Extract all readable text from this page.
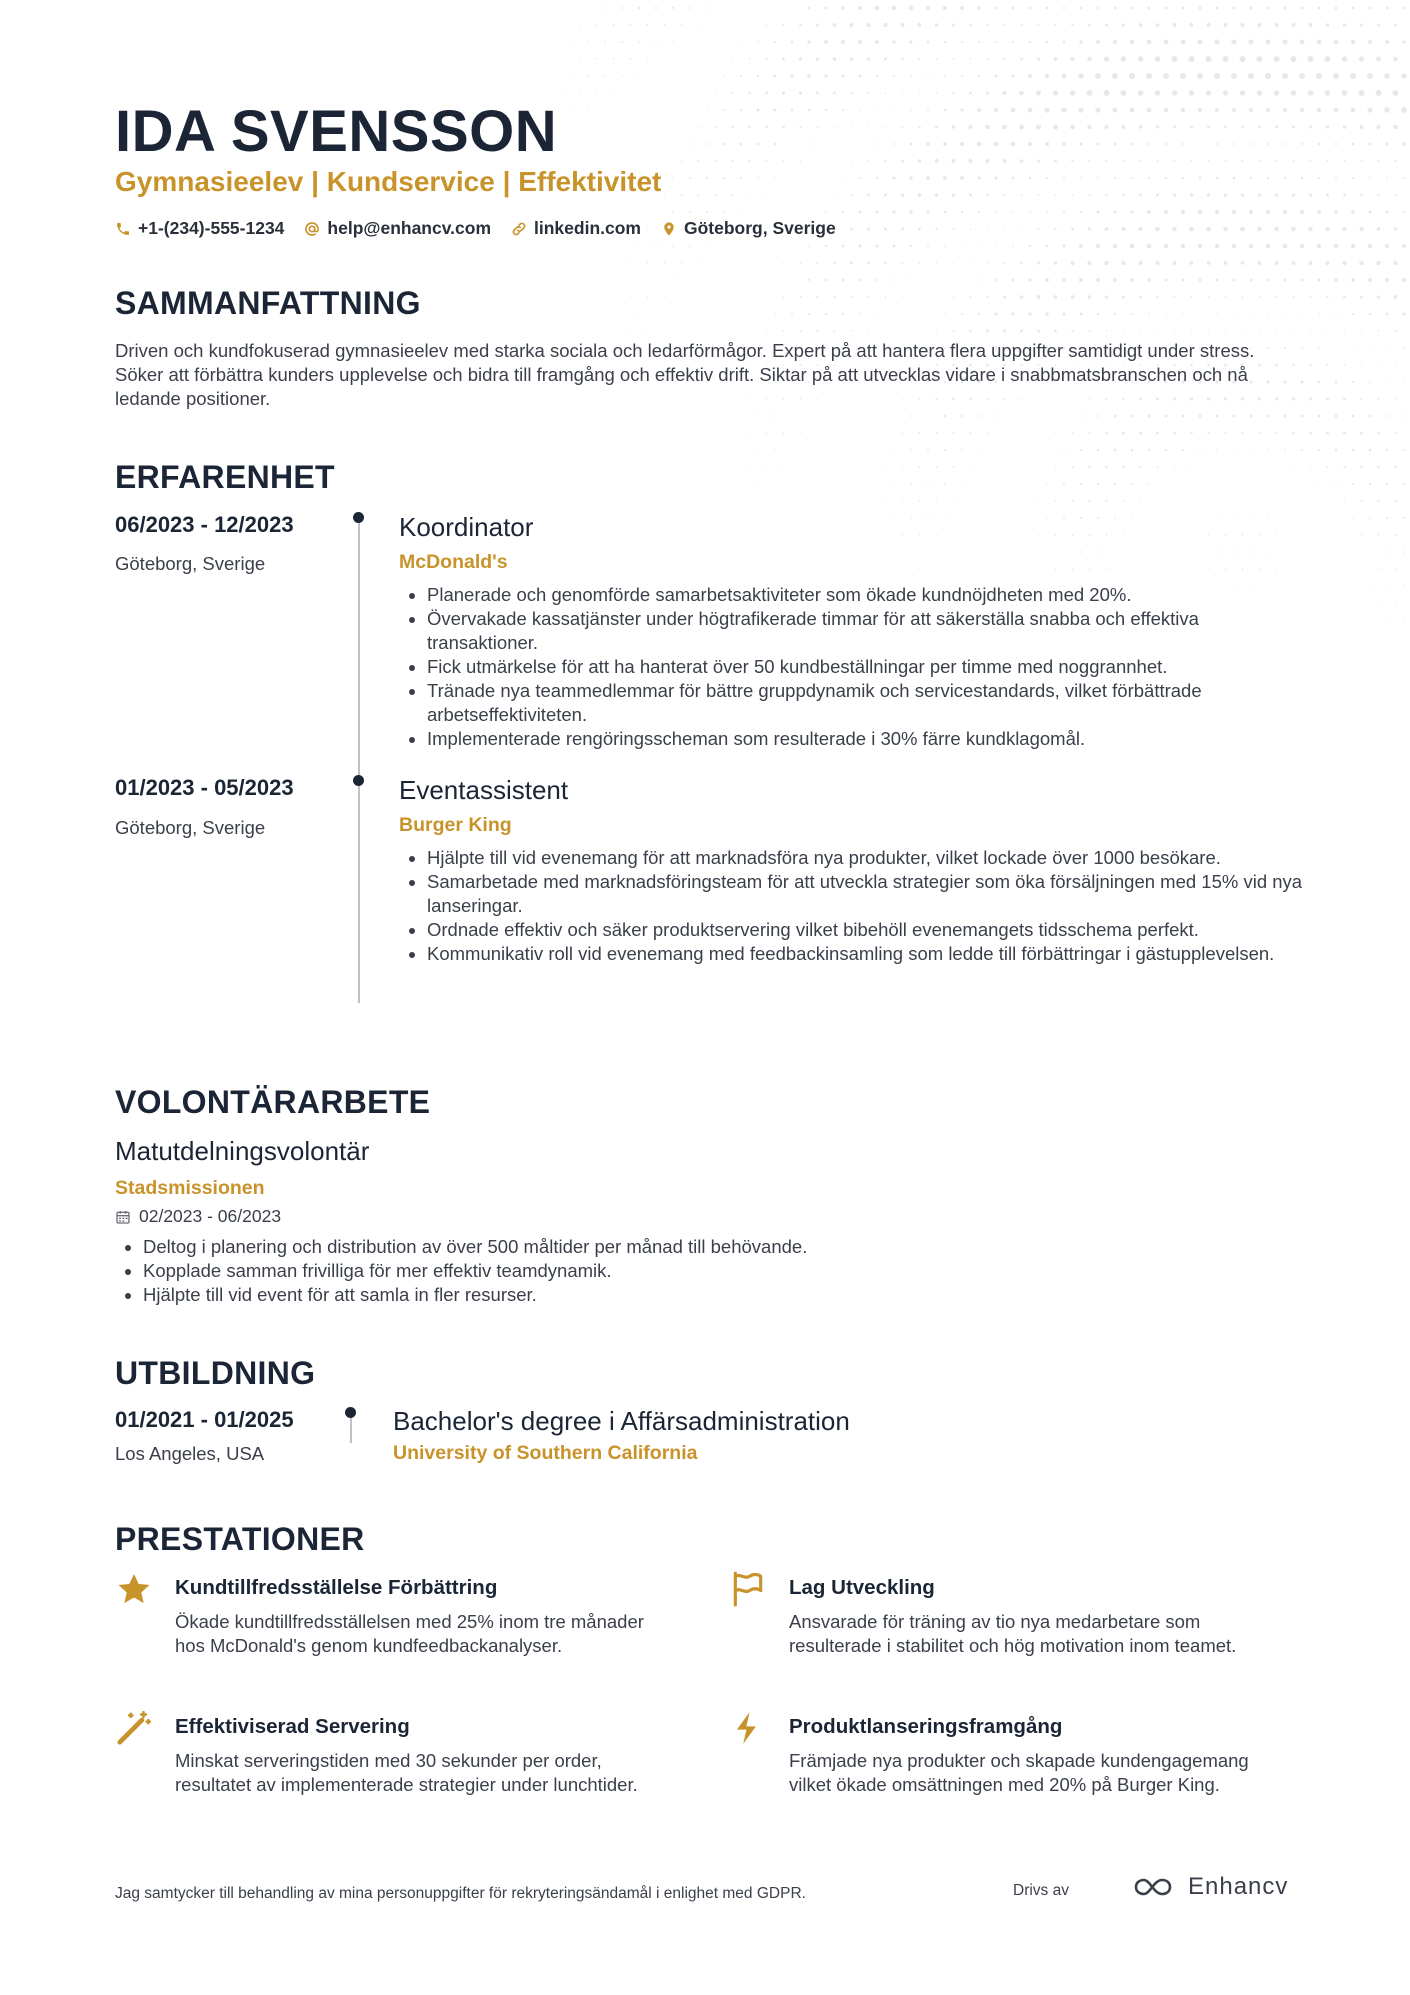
IDA SVENSSON
Gymnasieelev | Kundservice | Effektivitet
+1-(234)-555-1234 help@enhancv.com linkedin.com Göteborg, Sverige
SAMMANFATTNING
Driven och kundfokuserad gymnasieelev med starka sociala och ledarförmågor. Expert på att hantera flera uppgifter samtidigt under stress. Söker att förbättra kunders upplevelse och bidra till framgång och effektiv drift. Siktar på att utvecklas vidare i snabbmatsbranschen och nå ledande positioner.
ERFARENHET
06/2023 - 12/2023
Göteborg, Sverige
Koordinator
McDonald's
• Planerade och genomförde samarbetsaktiviteter som ökade kundnöjdheten med 20%.
• Övervakade kassatjänster under högtrafikerade timmar för att säkerställa snabba och effektiva transaktioner.
• Fick utmärkelse för att ha hanterat över 50 kundbeställningar per timme med noggrannhet.
• Tränade nya teammedlemmar för bättre gruppdynamik och servicestandards, vilket förbättrade arbetseffektiviteten.
• Implementerade rengöringsscheman som resulterade i 30% färre kundklagomål.
01/2023 - 05/2023
Göteborg, Sverige
Eventassistent
Burger King
• Hjälpte till vid evenemang för att marknadsföra nya produkter, vilket lockade över 1000 besökare.
• Samarbetade med marknadsföringsteam för att utveckla strategier som öka försäljningen med 15% vid nya lanseringar.
• Ordnade effektiv och säker produktservering vilket bibehöll evenemangets tidsschema perfekt.
• Kommunikativ roll vid evenemang med feedbackinsamling som ledde till förbättringar i gästupplevelsen.
VOLONTÄRARBETE
Matutdelningsvolontär
Stadsmissionen
02/2023 - 06/2023
• Deltog i planering och distribution av över 500 måltider per månad till behövande.
• Kopplade samman frivilliga för mer effektiv teamdynamik.
• Hjälpte till vid event för att samla in fler resurser.
UTBILDNING
01/2021 - 01/2025
Los Angeles, USA
Bachelor's degree i Affärsadministration
University of Southern California
PRESTATIONER
Kundtillfredsställelse Förbättring
Ökade kundtillfredsställelsen med 25% inom tre månader hos McDonald's genom kundfeedbackanalyser.
Lag Utveckling
Ansvarade för träning av tio nya medarbetare som resulterade i stabilitet och hög motivation inom teamet.
Effektiviserad Servering
Minskat serveringstiden med 30 sekunder per order, resultatet av implementerade strategier under lunchtider.
Produktlanseringsframgång
Främjade nya produkter och skapade kundengagemang vilket ökade omsättningen med 20% på Burger King.
Jag samtycker till behandling av mina personuppgifter för rekryteringsändamål i enlighet med GDPR.	Drivs av	Enhancv
